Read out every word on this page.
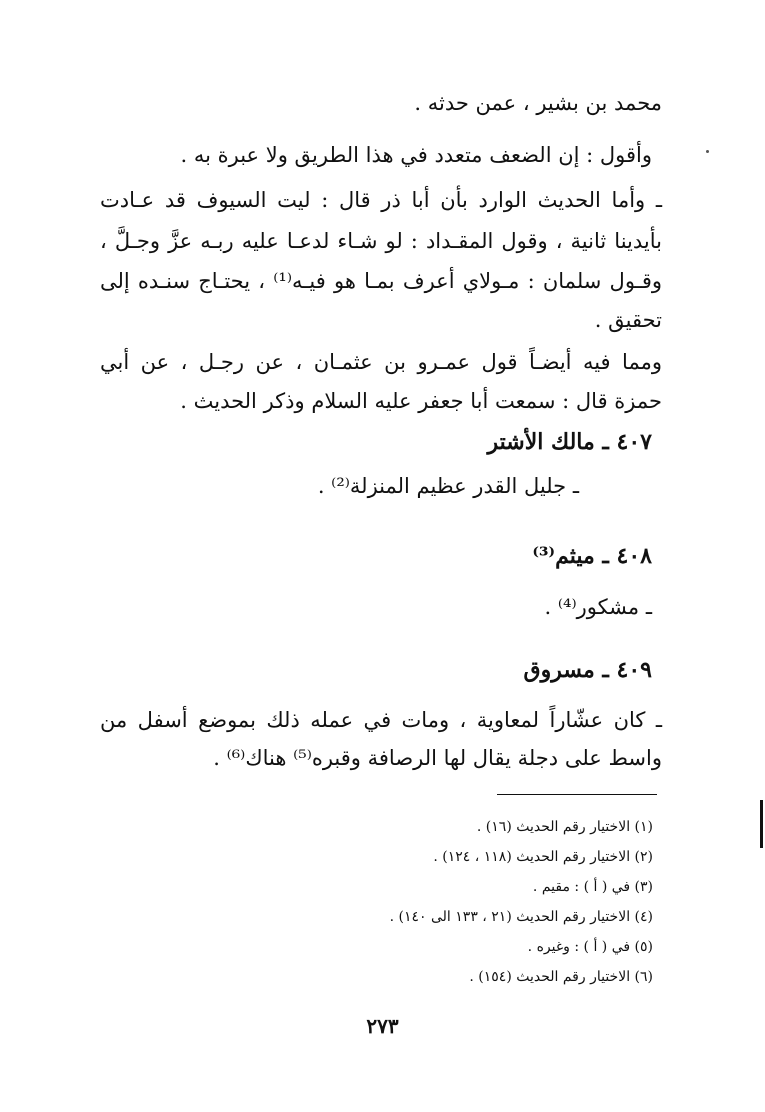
محمد بن بشير ، عمن حدثه .
وأقول : إن الضعف متعدد في هذا الطريق ولا عبرة به .
ـ وأما الحديث الوارد بأن أبا ذر قال : ليت السيوف قد عـادت
بأيدينا ثانية ، وقول المقـداد : لو شـاء لدعـا عليه ربـه عزَّ وجـلَّ ،
وقـول سلمان : مـولاي أعرف بمـا هو فيـه⁽¹⁾ ، يحتـاج سنـده إلى
تحقيق .
ومما فيه أيضـاً قول عمـرو بن عثمـان ، عن رجـل ، عن أبي
حمزة قال : سمعت أبا جعفر عليه السلام وذكر الحديث .
٤٠٧ ـ مالك الأشتر
ـ جليل القدر عظيم المنزلة⁽²⁾ .
٤٠٨ ـ ميثم⁽³⁾
ـ مشكور⁽⁴⁾ .
٤٠٩ ـ مسروق
ـ كان عشّاراً لمعاوية ، ومات في عمله ذلك بموضع أسفل من
واسط على دجلة يقال لها الرصافة وقبره⁽⁵⁾ هناك⁽⁶⁾ .
(١) الاختيار رقم الحديث (١٦) .
(٢) الاختيار رقم الحديث (١١٨ ، ١٢٤) .
(٣) في ( أ ) : مقيم .
(٤) الاختيار رقم الحديث (٢١ ، ١٣٣ الى ١٤٠) .
(٥) في ( أ ) : وغيره .
(٦) الاختيار رقم الحديث (١٥٤) .
٢٧٣
